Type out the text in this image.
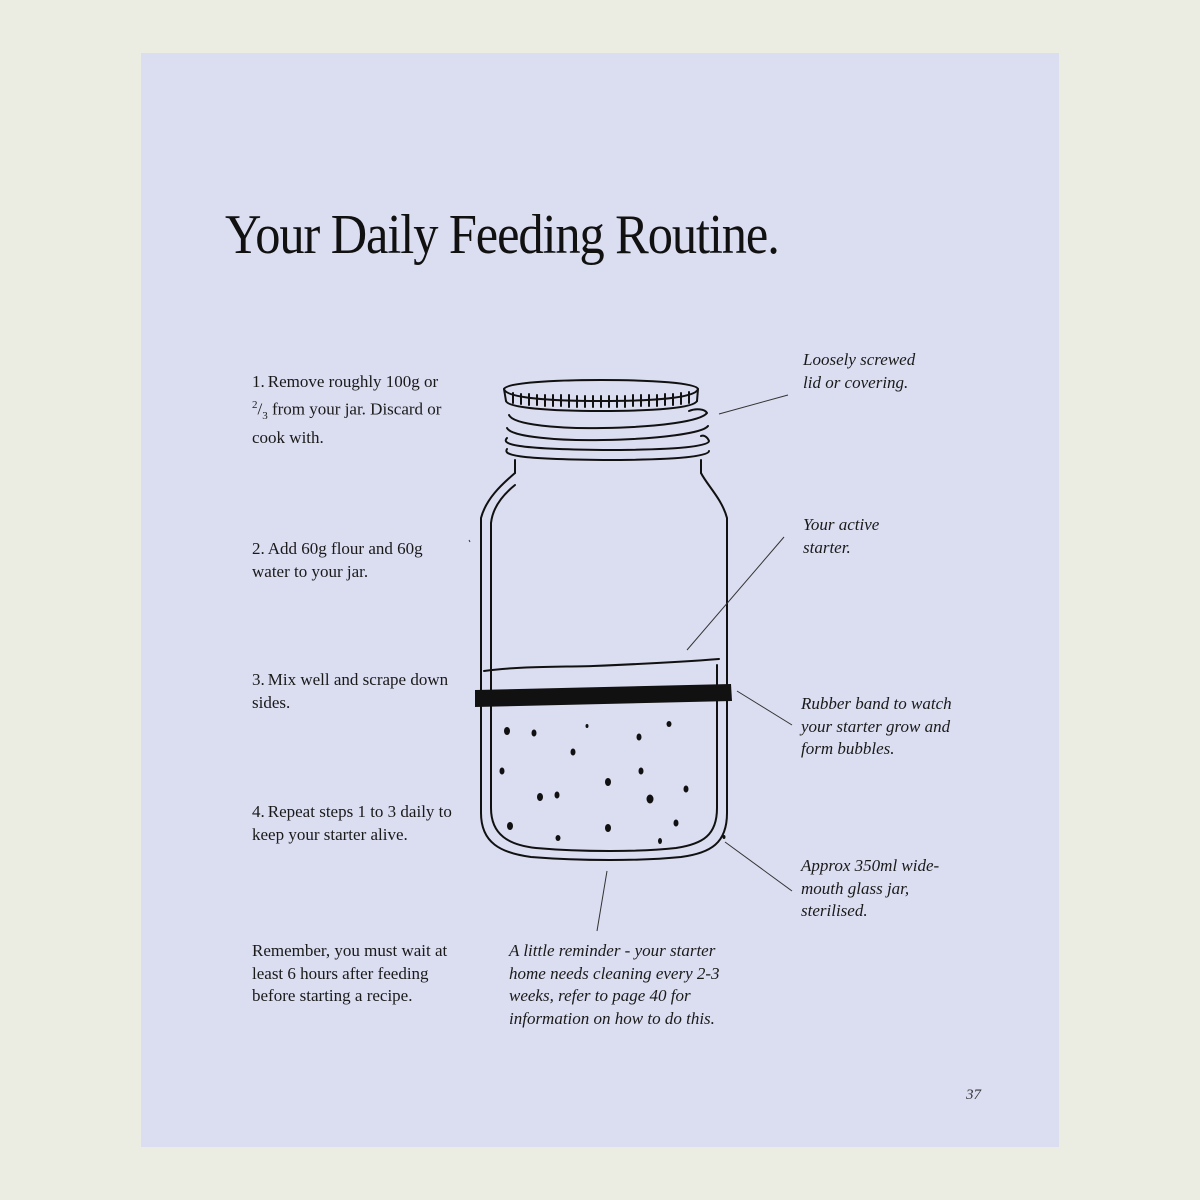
Your Daily Feeding Routine.

1. Remove roughly 100g or $^2/_3$ from your jar. Discard or cook with.

2. Add 60g flour and 60g water to your jar.

3. Mix well and scrape down sides.

4. Repeat steps 1 to 3 daily to keep your starter alive.

Remember, you must wait at least 6 hours after feeding before starting a recipe.

Loosely screwed lid or covering.

Your active starter.

Rubber band to watch your starter grow and form bubbles.

Approx 350ml wide-mouth glass jar, sterilised.

A little reminder - your starter home needs cleaning every 2-3 weeks, refer to page 40 for information on how to do this.

37
